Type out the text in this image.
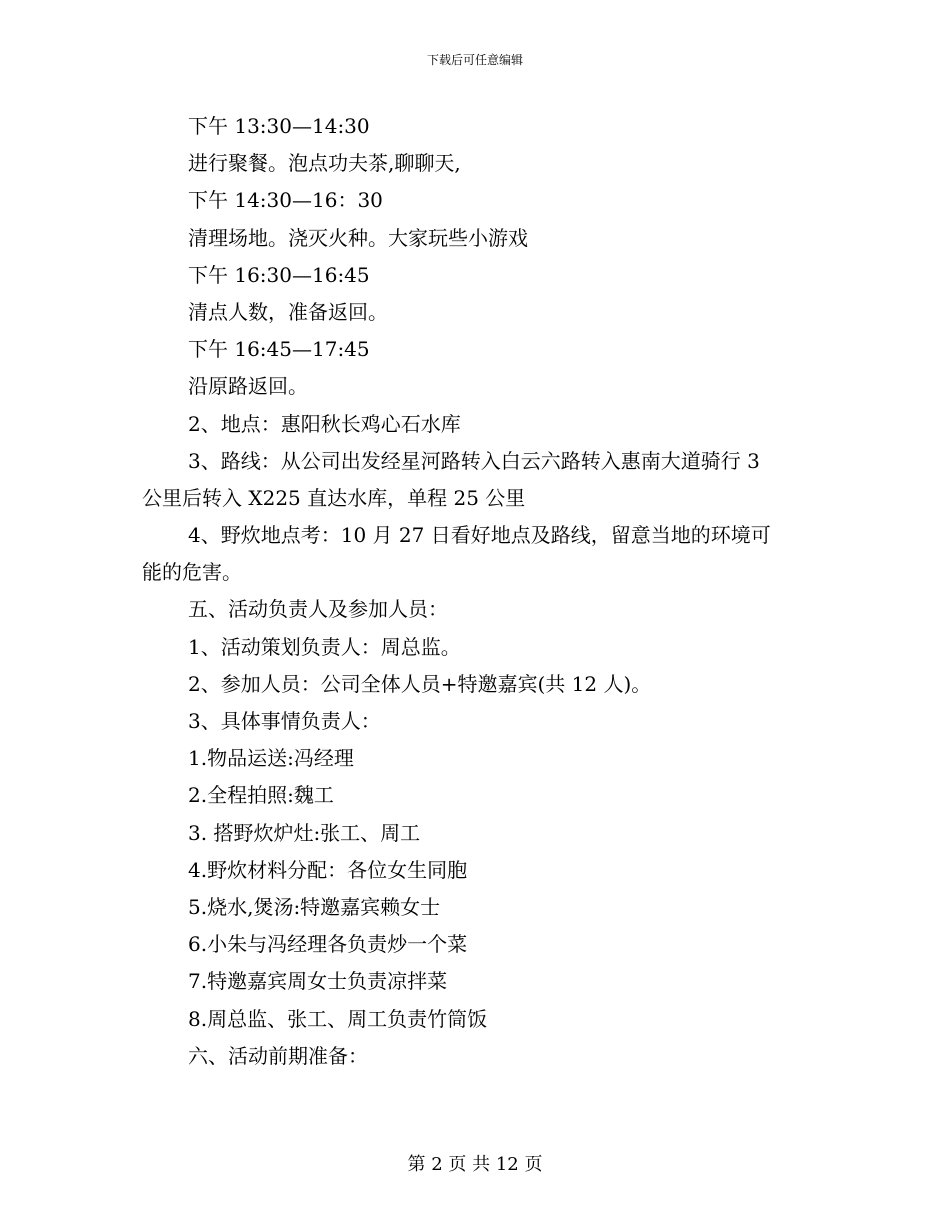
下载后可任意编辑
下午 13:30—14:30
进行聚餐。泡点功夫茶,聊聊天,
下午 14:30—16：30
清理场地。浇灭火种。大家玩些小游戏
下午 16:30—16:45
清点人数，准备返回。
下午 16:45—17:45
沿原路返回。
2、地点：惠阳秋长鸡心石水库
3、路线：从公司出发经星河路转入白云六路转入惠南大道骑行 3
公里后转入 X225 直达水库，单程 25 公里
4、野炊地点考：10 月 27 日看好地点及路线，留意当地的环境可
能的危害。
五、活动负责人及参加人员：
1、活动策划负责人：周总监。
2、参加人员：公司全体人员+特邀嘉宾(共 12 人)。
3、具体事情负责人：
1.物品运送:冯经理
2.全程拍照:魏工
3. 搭野炊炉灶:张工、周工
4.野炊材料分配：各位女生同胞
5.烧水,煲汤:特邀嘉宾赖女士
6.小朱与冯经理各负责炒一个菜
7.特邀嘉宾周女士负责凉拌菜
8.周总监、张工、周工负责竹筒饭
六、活动前期准备：
第 2 页 共 12 页
